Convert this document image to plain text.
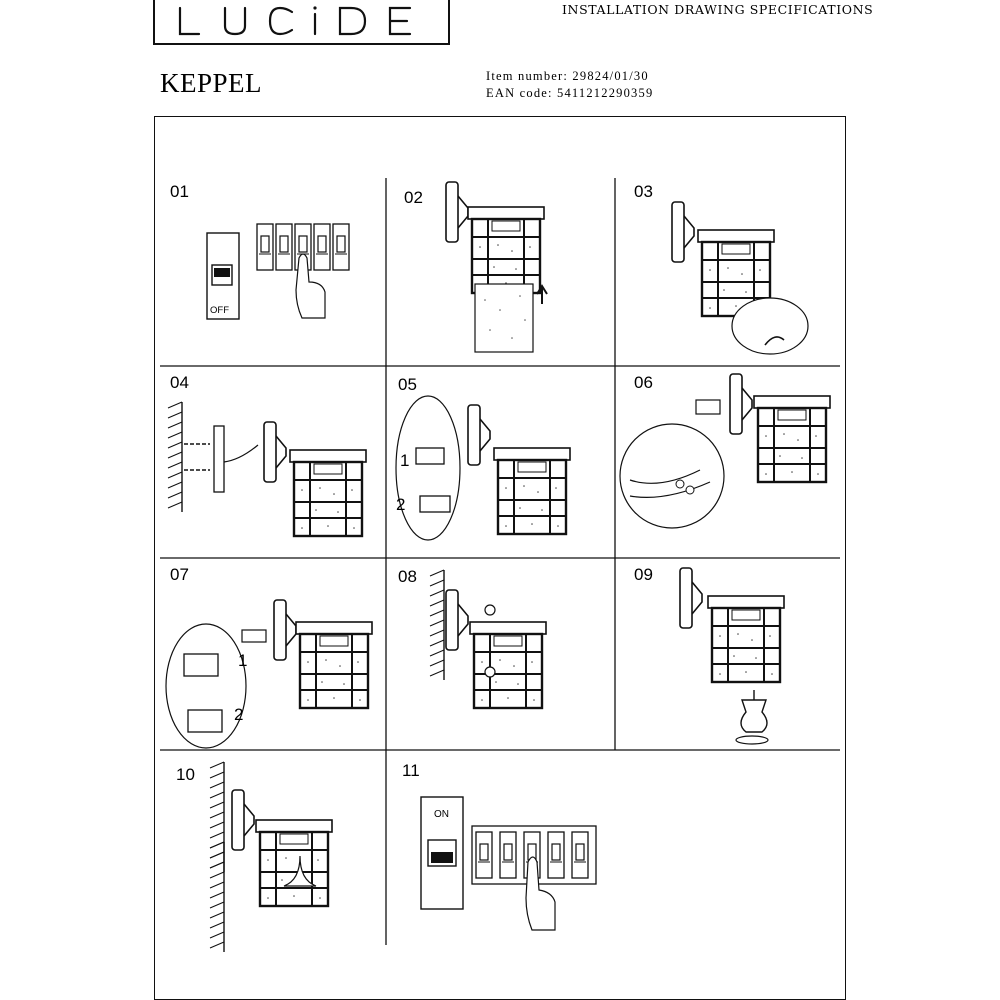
INSTALLATION DRAWING SPECIFICATIONS
KEPPEL	Item number: 29824/01/30
EAN code: 5411212290359
01	02	03
04	05	06
07	08	09
10	11
OFF
1
2
1
2
ON
